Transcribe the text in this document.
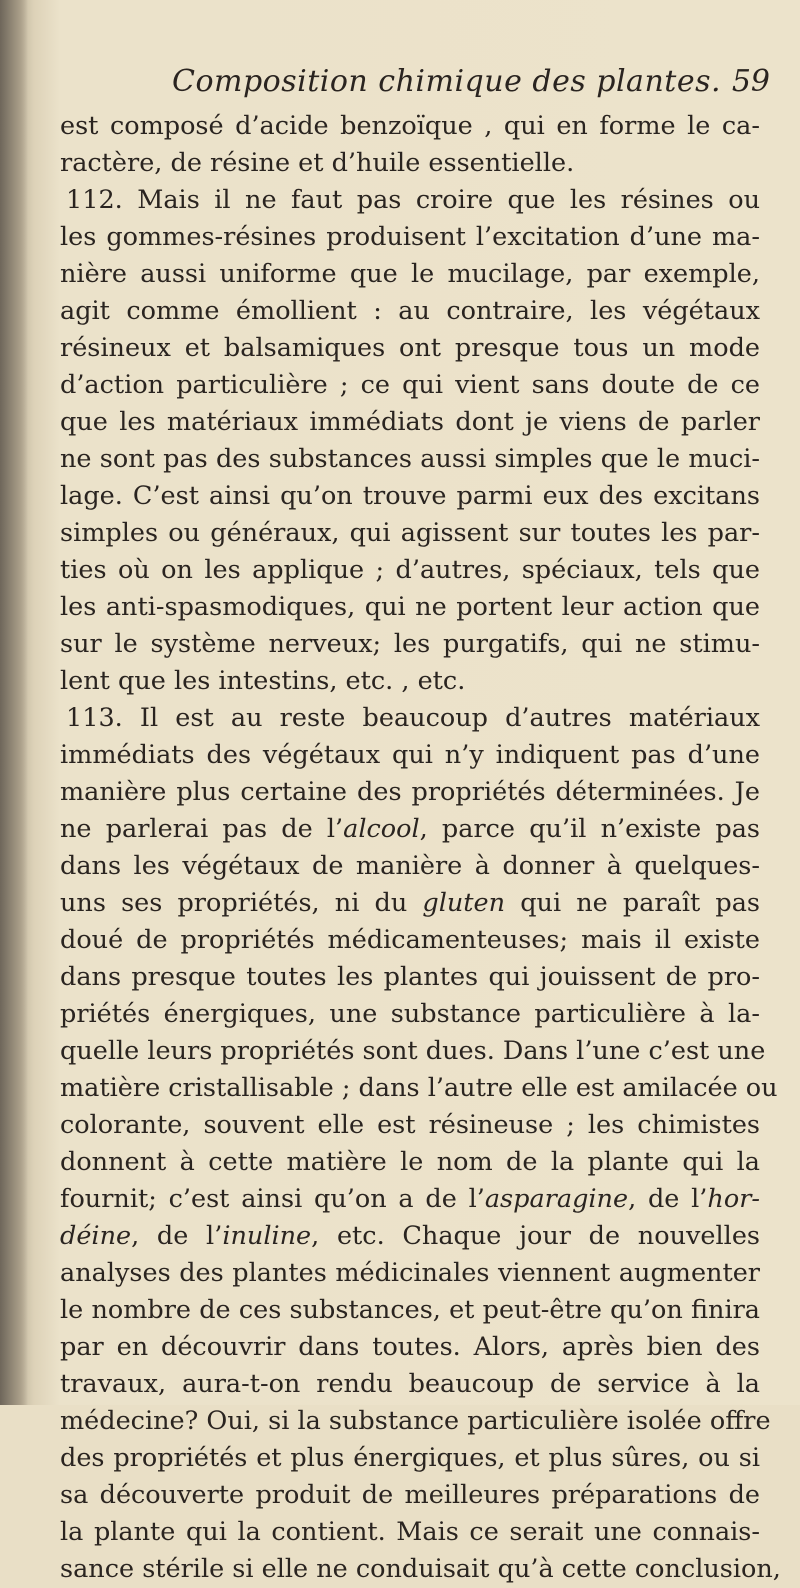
Composition chimique des plantes. 59
est composé d’acide benzoïque , qui en forme le ca-
ractère, de résine et d’huile essentielle.
112. Mais il ne faut pas croire que les résines ou
les gommes-résines produisent l’excitation d’une ma-
nière aussi uniforme que le mucilage, par exemple,
agit comme émollient : au contraire, les végétaux
résineux et balsamiques ont presque tous un mode
d’action particulière ; ce qui vient sans doute de ce
que les matériaux immédiats dont je viens de parler
ne sont pas des substances aussi simples que le muci-
lage. C’est ainsi qu’on trouve parmi eux des excitans
simples ou généraux, qui agissent sur toutes les par-
ties où on les applique ; d’autres, spéciaux, tels que
les anti-spasmodiques, qui ne portent leur action que
sur le système nerveux; les purgatifs, qui ne stimu-
lent que les intestins, etc. , etc.
113. Il est au reste beaucoup d’autres matériaux
immédiats des végétaux qui n’y indiquent pas d’une
manière plus certaine des propriétés déterminées. Je
ne parlerai pas de l’alcool, parce qu’il n’existe pas
dans les végétaux de manière à donner à quelques-
uns ses propriétés, ni du gluten qui ne paraît pas
doué de propriétés médicamenteuses; mais il existe
dans presque toutes les plantes qui jouissent de pro-
priétés énergiques, une substance particulière à la-
quelle leurs propriétés sont dues. Dans l’une c’est une
matière cristallisable ; dans l’autre elle est amilacée ou
colorante, souvent elle est résineuse ; les chimistes
donnent à cette matière le nom de la plante qui la
fournit; c’est ainsi qu’on a de l’asparagine, de l’hor-
déine, de l’inuline, etc. Chaque jour de nouvelles
analyses des plantes médicinales viennent augmenter
le nombre de ces substances, et peut-être qu’on finira
par en découvrir dans toutes. Alors, après bien des
travaux, aura-t-on rendu beaucoup de service à la
médecine? Oui, si la substance particulière isolée offre
des propriétés et plus énergiques, et plus sûres, ou si
sa découverte produit de meilleures préparations de
la plante qui la contient. Mais ce serait une connais-
sance stérile si elle ne conduisait qu’à cette conclusion,
